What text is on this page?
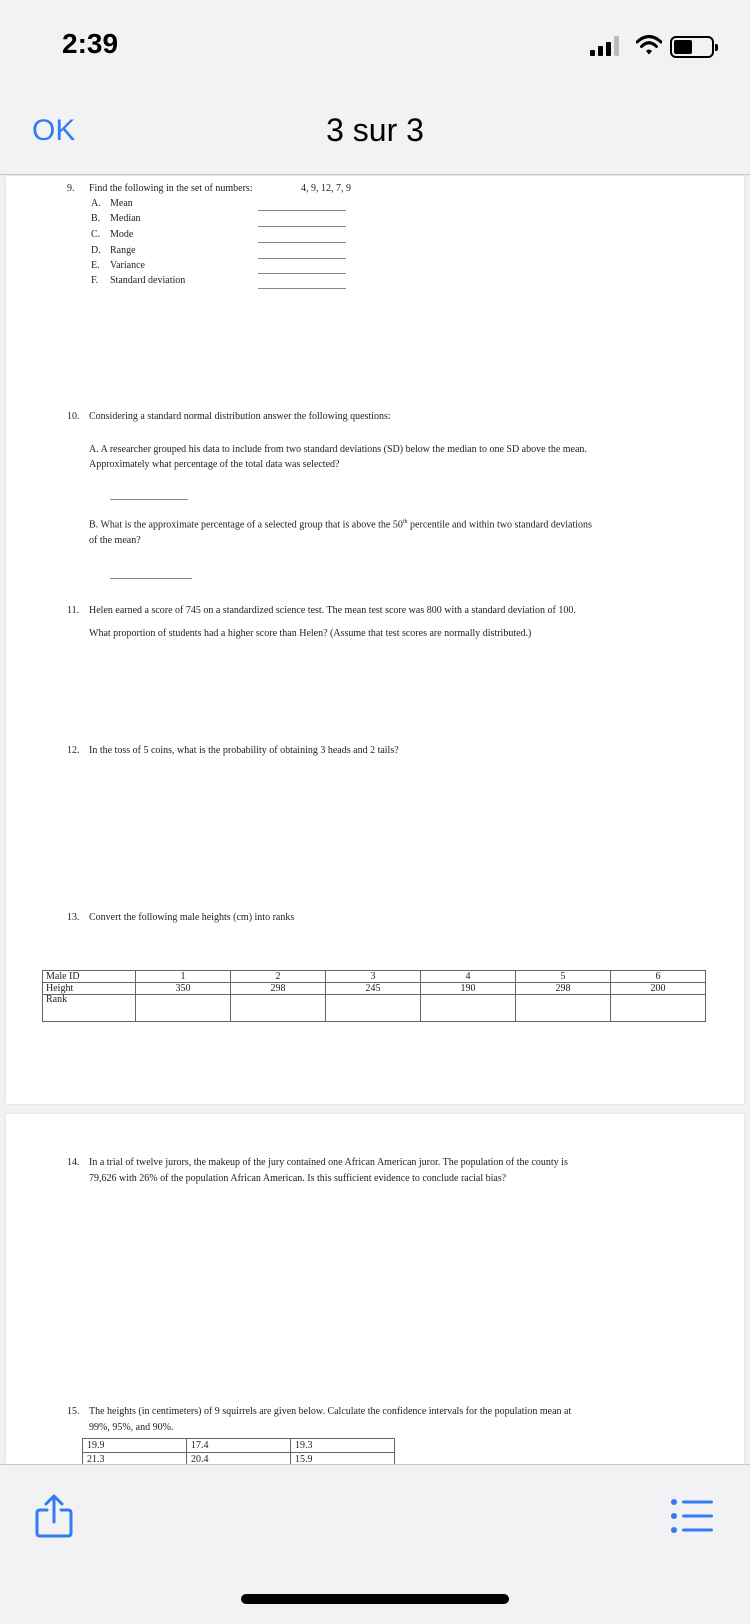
2:39
OK	3 sur 3
9. Find the following in the set of numbers:	4, 9, 12, 7, 9
A. Mean
B. Median
C. Mode
D. Range
E. Variance
F. Standard deviation
10. Considering a standard normal distribution answer the following questions:
A. A researcher grouped his data to include from two standard deviations (SD) below the median to one SD above the mean.
Approximately what percentage of the total data was selected?
B. What is the approximate percentage of a selected group that is above the 50th percentile and within two standard deviations
of the mean?
11. Helen earned a score of 745 on a standardized science test. The mean test score was 800 with a standard deviation of 100.
What proportion of students had a higher score than Helen? (Assume that test scores are normally distributed.)
12. In the toss of 5 coins, what is the probability of obtaining 3 heads and 2 tails?
13. Convert the following male heights (cm) into ranks
Male ID	1	2	3	4	5	6
Height	350	298	245	190	298	200
Rank						
14. In a trial of twelve jurors, the makeup of the jury contained one African American juror. The population of the county is
79,626 with 26% of the population African American. Is this sufficient evidence to conclude racial bias?
15. The heights (in centimeters) of 9 squirrels are given below. Calculate the confidence intervals for the population mean at
99%, 95%, and 90%.
19.9	17.4	19.3
21.3	20.4	15.9
